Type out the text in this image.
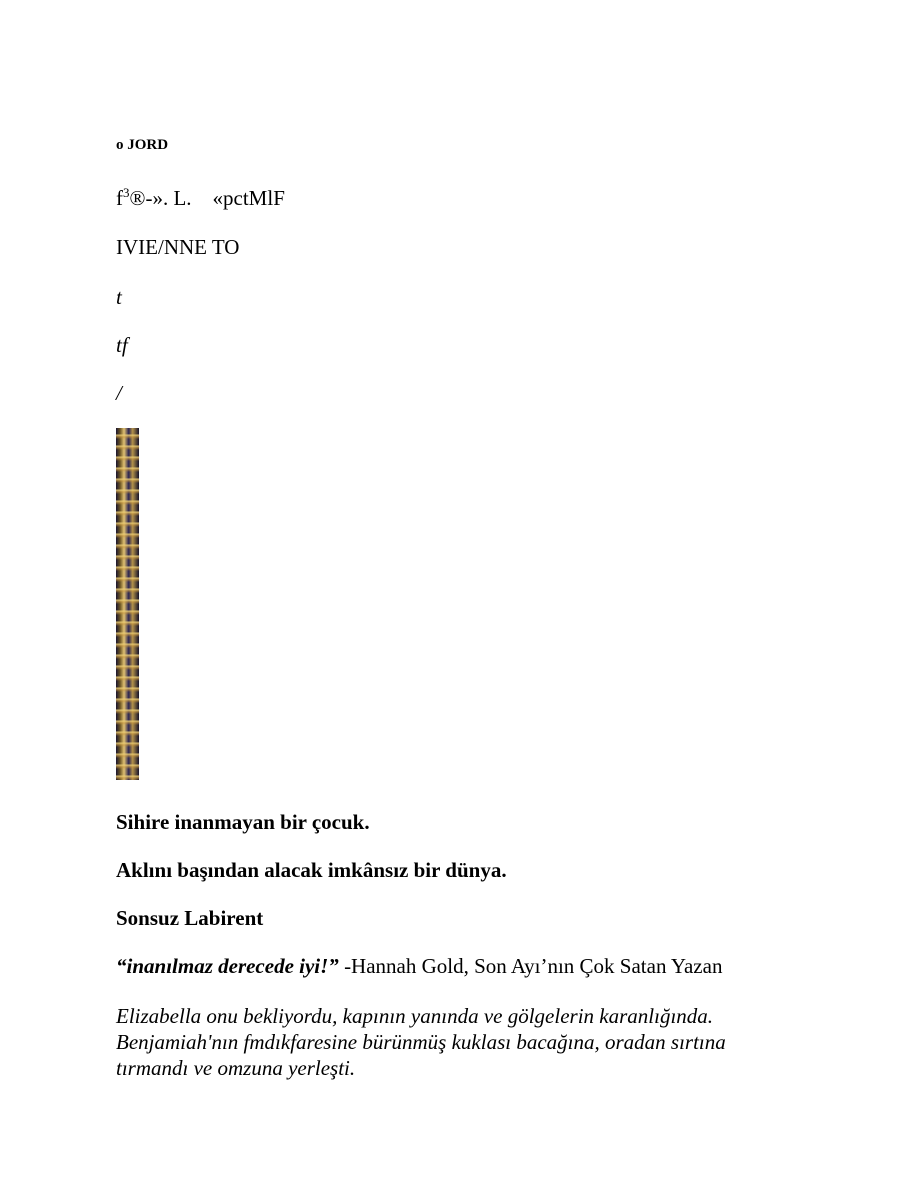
o JORD
$f^3®-$». L.    «pctMlF
IVIE/NNE TO
t
tf
/
Sihire inanmayan bir çocuk.
Aklını başından alacak imkânsız bir dünya.
Sonsuz Labirent
“inanılmaz derecede iyi!” -Hannah Gold, Son Ayı’nın Çok Satan Yazan
Elizabella onu bekliyordu, kapının yanında ve gölgelerin karanlığında. Benjamiah'nın fmdıkfaresine bürünmüş kuklası bacağına, oradan sırtına tırmandı ve omzuna yerleşti.
